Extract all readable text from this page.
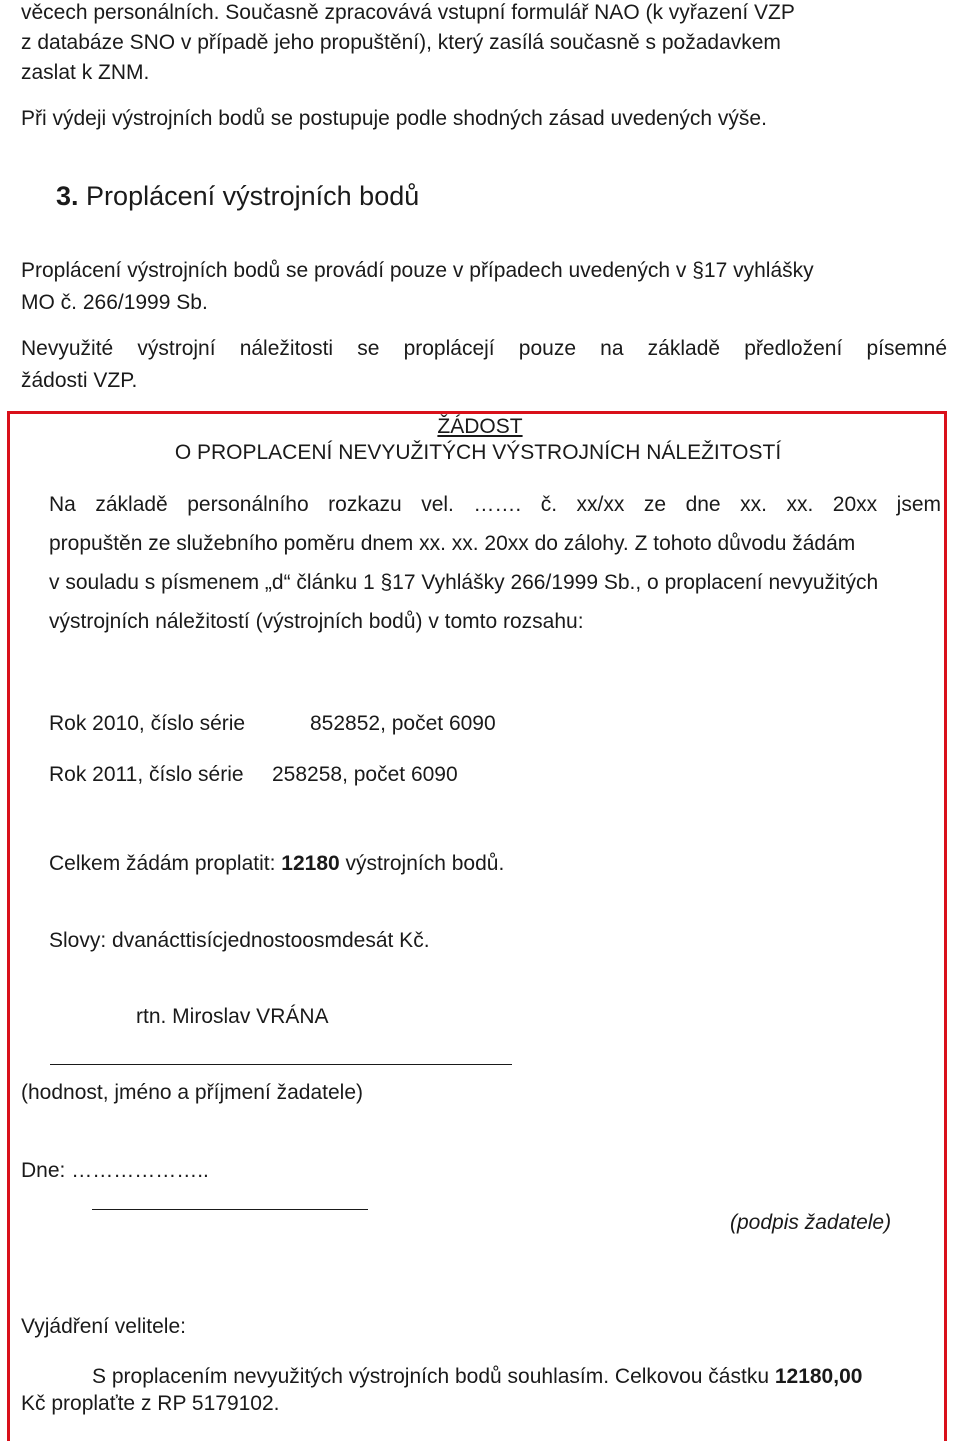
věcech personálních. Současně zpracovává vstupní formulář NAO (k vyřazení VZP
z databáze SNO v případě jeho propuštění), který zasílá současně s požadavkem
zaslat k ZNM.
Při výdeji výstrojních bodů se postupuje podle shodných zásad uvedených výše.
3. Proplácení výstrojních bodů
Proplácení výstrojních bodů se provádí pouze v případech uvedených v §17 vyhlášky
MO č. 266/1999 Sb.
Nevyužité výstrojní náležitosti se proplácejí pouze na základě předložení písemné
žádosti VZP.
ŽÁDOST
O PROPLACENÍ NEVYUŽITÝCH VÝSTROJNÍCH NÁLEŽITOSTÍ
Na základě personálního rozkazu vel. ……. č. xx/xx ze dne xx. xx. 20xx jsem
propuštěn ze služebního poměru dnem xx. xx. 20xx do zálohy. Z tohoto důvodu žádám
v souladu s písmenem „d“ článku 1 §17 Vyhlášky 266/1999 Sb., o proplacení nevyužitých
výstrojních náležitostí (výstrojních bodů) v tomto rozsahu:
Rok 2010, číslo série	852852, počet 6090
Rok 2011, číslo série 258258, počet 6090
Celkem žádám proplatit: 12180 výstrojních bodů.
Slovy: dvanácttisícjednostoosmdesát Kč.
rtn. Miroslav VRÁNA
(hodnost, jméno a příjmení žadatele)
Dne: ………………..
(podpis žadatele)
Vyjádření velitele:
S proplacením nevyužitých výstrojních bodů souhlasím. Celkovou částku 12180,00
Kč proplaťte z RP 5179102.
